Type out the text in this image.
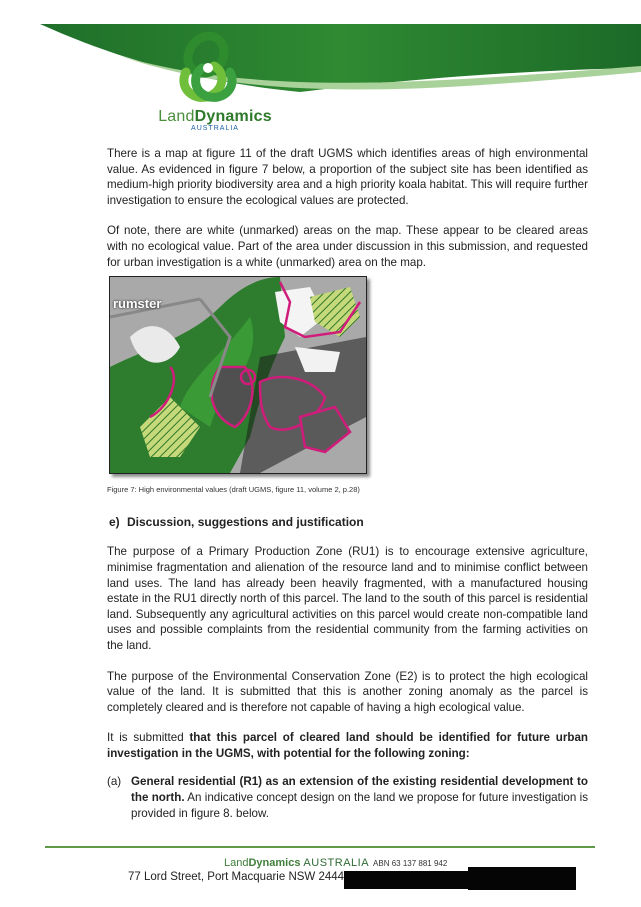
LandDynamics
AUSTRALIA

There is a map at figure 11 of the draft UGMS which identifies areas of high environmental value. As evidenced in figure 7 below, a proportion of the subject site has been identified as medium-high priority biodiversity area and a high priority koala habitat. This will require further investigation to ensure the ecological values are protected.

Of note, there are white (unmarked) areas on the map. These appear to be cleared areas with no ecological value. Part of the area under discussion in this submission, and requested for urban investigation is a white (unmarked) area on the map.

rumster
Figure 7: High environmental values (draft UGMS, figure 11, volume 2, p.28)
e) Discussion, suggestions and justification

The purpose of a Primary Production Zone (RU1) is to encourage extensive agriculture, minimise fragmentation and alienation of the resource land and to minimise conflict between land uses. The land has already been heavily fragmented, with a manufactured housing estate in the RU1 directly north of this parcel. The land to the south of this parcel is residential land. Subsequently any agricultural activities on this parcel would create non-compatible land uses and possible complaints from the residential community from the farming activities on the land.

The purpose of the Environmental Conservation Zone (E2) is to protect the high ecological value of the land. It is submitted that this is another zoning anomaly as the parcel is completely cleared and is therefore not capable of having a high ecological value.

It is submitted that this parcel of cleared land should be identified for future urban investigation in the UGMS, with potential for the following zoning:

(a) General residential (R1) as an extension of the existing residential development to the north. An indicative concept design on the land we propose for future investigation is provided in figure 8. below.
LandDynamics AUSTRALIA ABN 63 137 881 942
77 Lord Street, Port Macquarie NSW 2444
